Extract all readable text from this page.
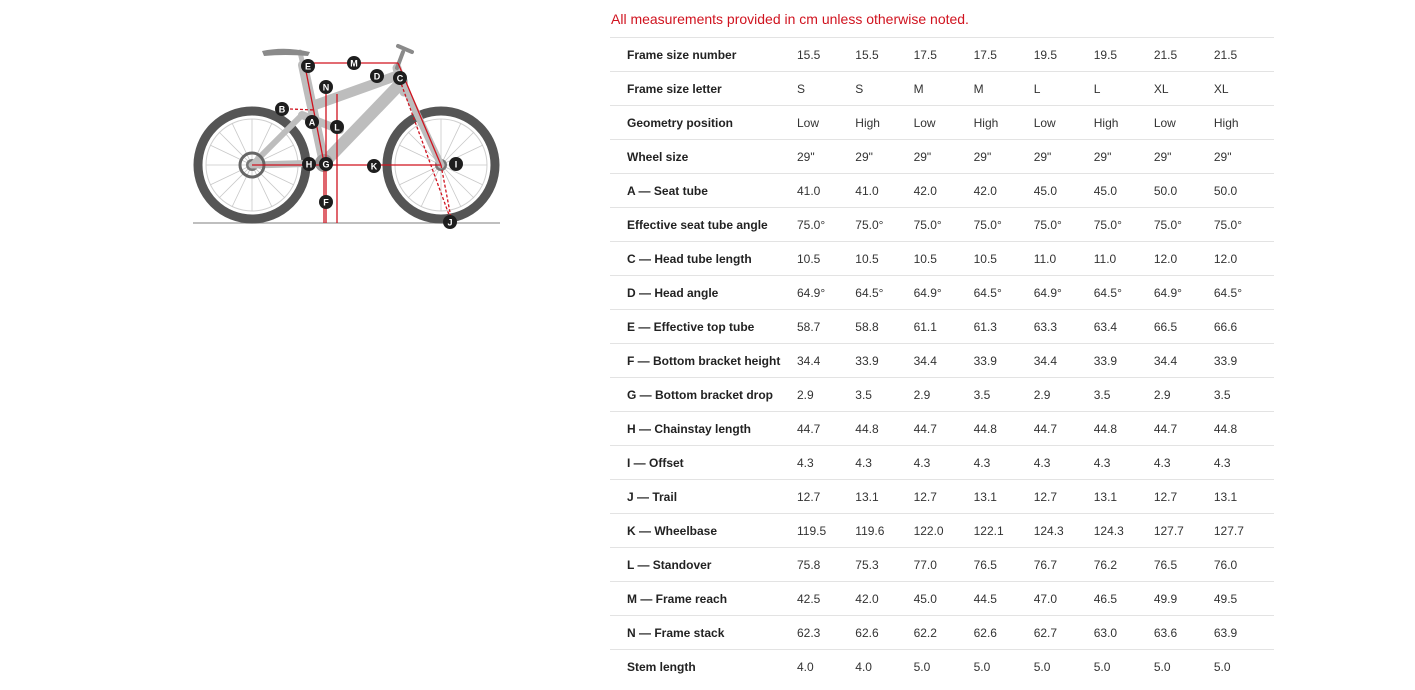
A
B
C
D
E
F
G
H	I
J
K
L
M
N
All measurements provided in cm unless otherwise noted.
Frame size number	15.5	15.5	17.5	17.5	19.5	19.5	21.5	21.5
Frame size letter	S	S	M	M	L	L	XL	XL
Geometry position	Low	High	Low	High	Low	High	Low	High
Wheel size	29"	29"	29"	29"	29"	29"	29"	29"
A — Seat tube	41.0	41.0	42.0	42.0	45.0	45.0	50.0	50.0
Effective seat tube angle	75.0°	75.0°	75.0°	75.0°	75.0°	75.0°	75.0°	75.0°
C — Head tube length	10.5	10.5	10.5	10.5	11.0	11.0	12.0	12.0
D — Head angle	64.9°	64.5°	64.9°	64.5°	64.9°	64.5°	64.9°	64.5°
E — Effective top tube	58.7	58.8	61.1	61.3	63.3	63.4	66.5	66.6
F — Bottom bracket height	34.4	33.9	34.4	33.9	34.4	33.9	34.4	33.9
G — Bottom bracket drop	2.9	3.5	2.9	3.5	2.9	3.5	2.9	3.5
H — Chainstay length	44.7	44.8	44.7	44.8	44.7	44.8	44.7	44.8
I — Offset	4.3	4.3	4.3	4.3	4.3	4.3	4.3	4.3
J — Trail	12.7	13.1	12.7	13.1	12.7	13.1	12.7	13.1
K — Wheelbase	119.5	119.6	122.0	122.1	124.3	124.3	127.7	127.7
L — Standover	75.8	75.3	77.0	76.5	76.7	76.2	76.5	76.0
M — Frame reach	42.5	42.0	45.0	44.5	47.0	46.5	49.9	49.5
N — Frame stack	62.3	62.6	62.2	62.6	62.7	63.0	63.6	63.9
Stem length	4.0	4.0	5.0	5.0	5.0	5.0	5.0	5.0
